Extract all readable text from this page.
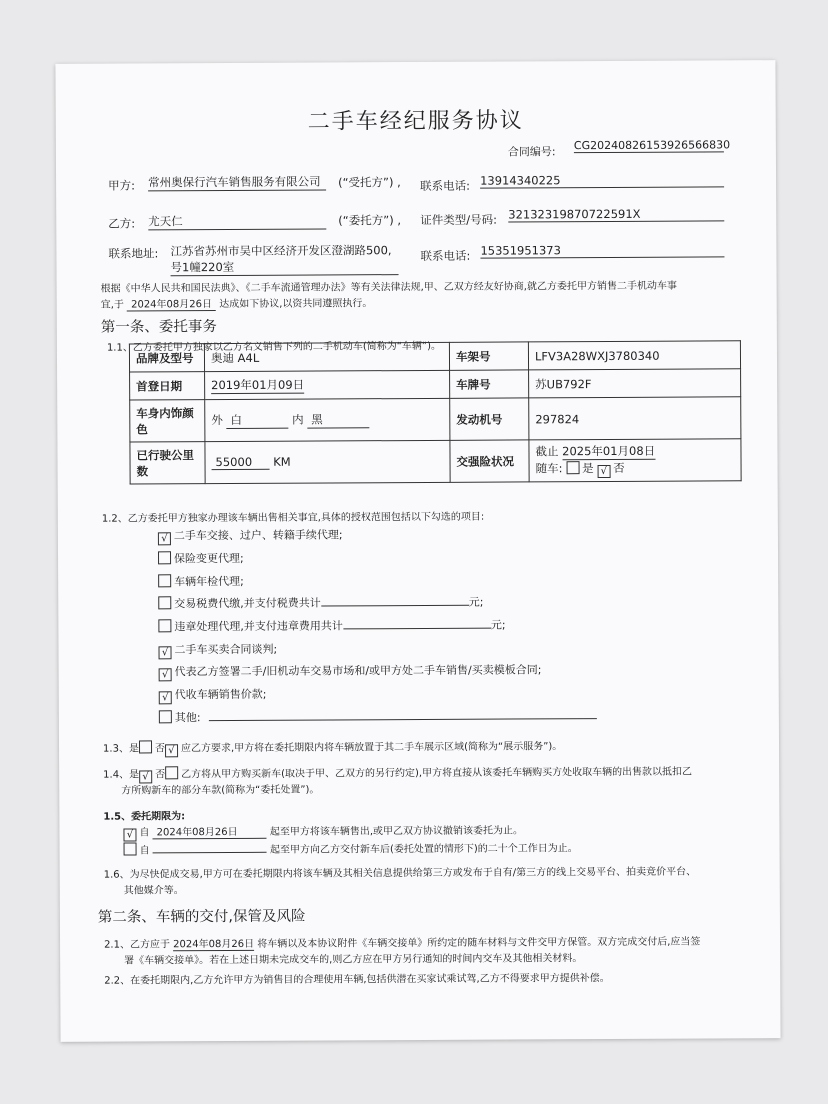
二手车经纪服务协议
合同编号: CG20240826153926566830
甲方: 常州奥保行汽车销售服务有限公司	(“受托方”) , 联系电话: 13914340225
乙方: 尤天仁	(“委托方”) , 证件类型/号码: 32132319870722591X
联系地址: 江苏省苏州市吴中区经济开发区澄湖路500,
号1幢220室
联系电话: 15351951373
根据《中华人民共和国民法典》、《二手车流通管理办法》等有关法律法规,甲、乙双方经友好协商,就乙方委托甲方销售二手机动车事
宜,于 2024年08月26日 达成如下协议,以资共同遵照执行。
第一条、委托事务
1.1、乙方委托甲方独家以乙方名义销售下列的二手机动车(简称为“车辆”)。
品牌及型号	奥迪 A4L	车架号	LFV3A28WXJ3780340
首登日期	2019年01月09日	车牌号	苏UB792F
车身内饰颜色	外 白 内 黑	发动机号	297824
已行驶公里数	55000 KM	交强险状况	截止 2025年01月08日
随车: 是 √ 否
1.2、乙方委托甲方独家办理该车辆出售相关事宜,具体的授权范围包括以下勾选的项目:
√ 二手车交接、过户、转籍手续代理;
保险变更代理;
车辆年检代理;
交易税费代缴,并支付税费共计	元;
违章处理代理,并支付违章费用共计	元;
√ 二手车买卖合同谈判;
√ 代表乙方签署二手/旧机动车交易市场和/或甲方处二手车销售/买卖模板合同;
√ 代收车辆销售价款;
其他:
1.3、是 否 √ 应乙方要求,甲方将在委托期限内将车辆放置于其二手车展示区域(简称为“展示服务”)。
1.4、是 √ 否 乙方将从甲方购买新车(取决于甲、乙双方的另行约定),甲方将直接从该委托车辆购买方处收取车辆的出售款以抵扣乙
方所购新车的部分车款(简称为“委托处置”)。
1.5、委托期限为:
√ 自 2024年08月26日	起至甲方将该车辆售出,或甲乙双方协议撤销该委托为止。
自	起至甲方向乙方交付新车后(委托处置的情形下)的二十个工作日为止。
1.6、为尽快促成交易,甲方可在委托期限内将该车辆及其相关信息提供给第三方或发布于自有/第三方的线上交易平台、拍卖竞价平台、
其他媒介等。
第二条、车辆的交付,保管及风险
2.1、乙方应于 2024年08月26日 将车辆以及本协议附件《车辆交接单》所约定的随车材料与文件交甲方保管。双方完成交付后,应当签
署《车辆交接单》。若在上述日期未完成交车的,则乙方应在甲方另行通知的时间内交车及其他相关材料。
2.2、在委托期限内,乙方允许甲方为销售目的合理使用车辆,包括供潜在买家试乘试驾,乙方不得要求甲方提供补偿。
